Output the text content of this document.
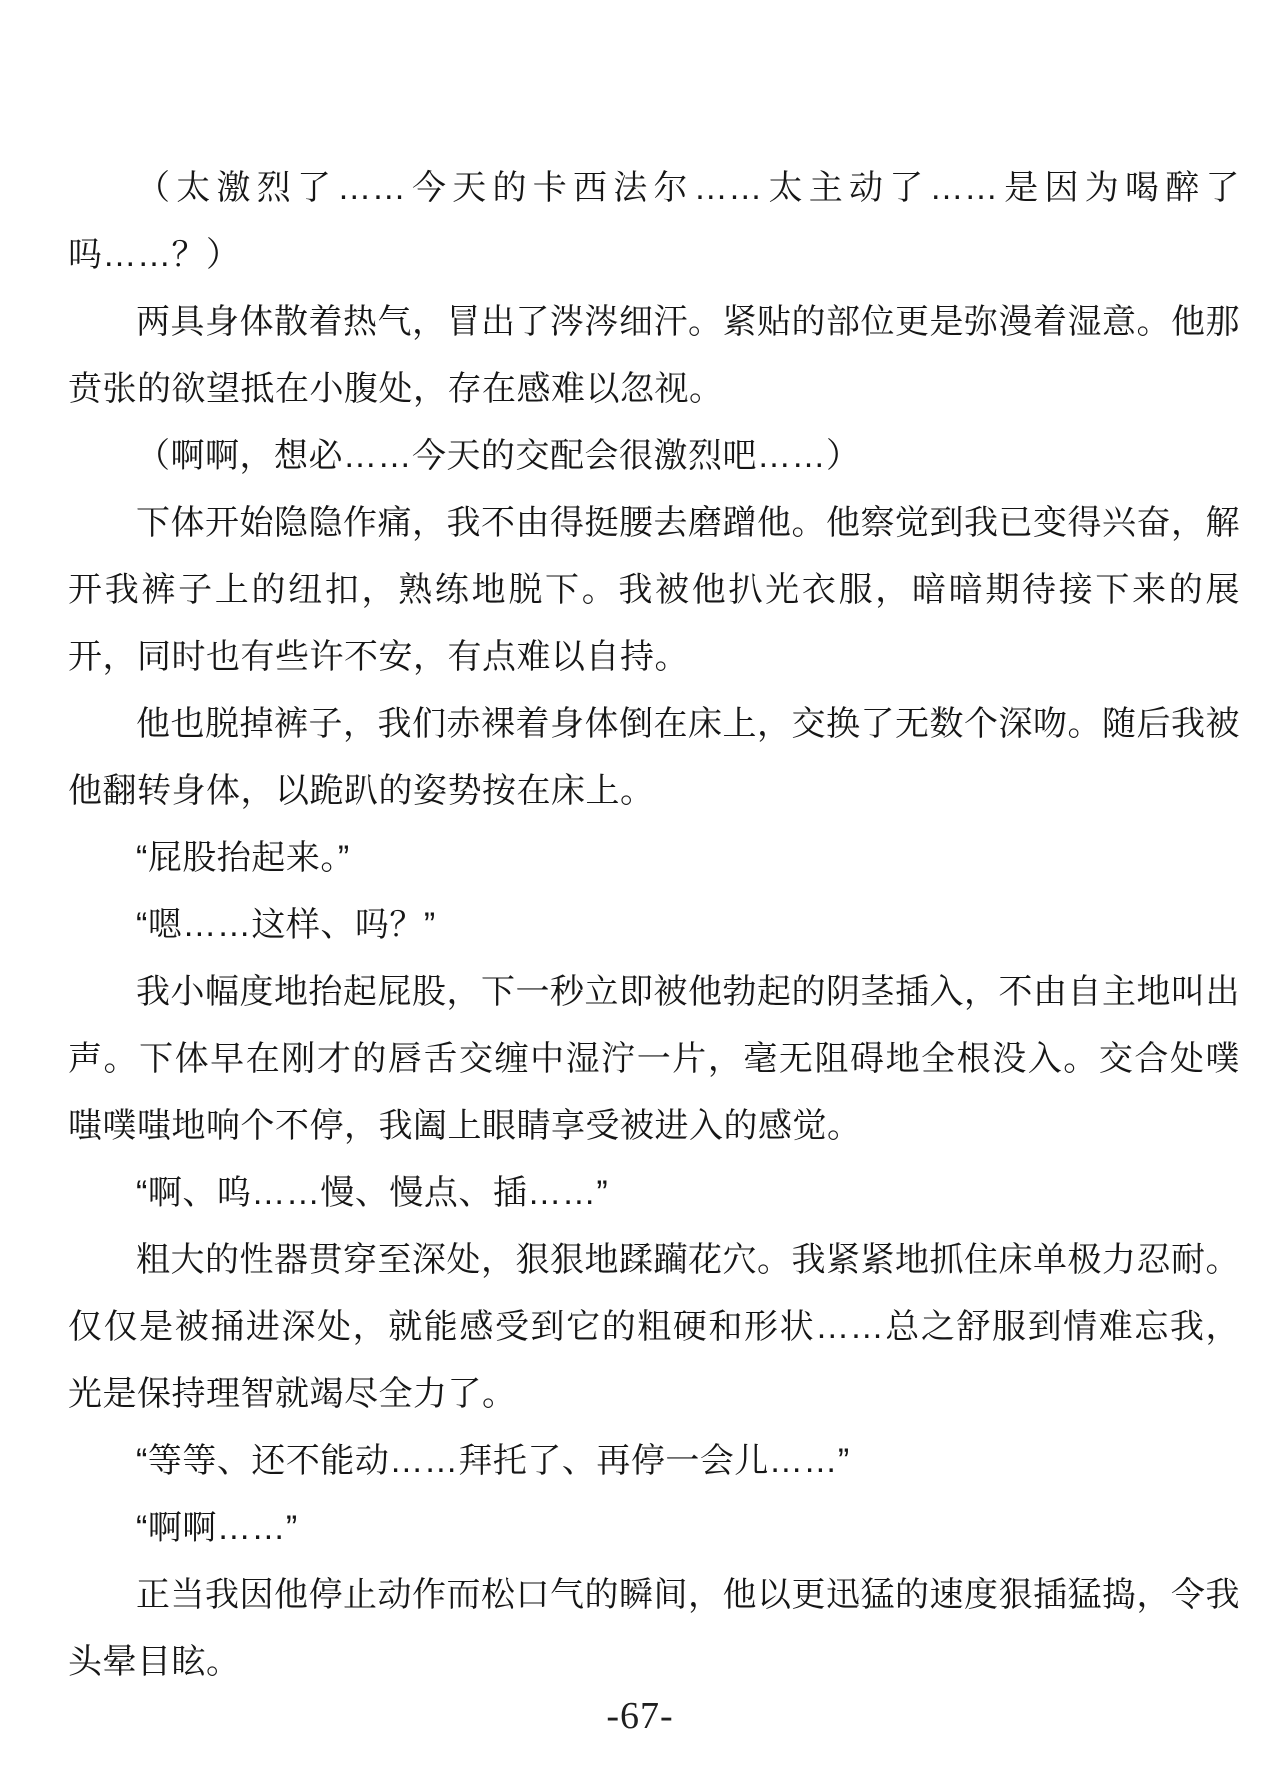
（太激烈了……今天的卡西法尔……太主动了……是因为喝醉了吗……？）

两具身体散着热气，冒出了涔涔细汗。紧贴的部位更是弥漫着湿意。他那贲张的欲望抵在小腹处，存在感难以忽视。

（啊啊，想必……今天的交配会很激烈吧……）

下体开始隐隐作痛，我不由得挺腰去磨蹭他。他察觉到我已变得兴奋，解开我裤子上的纽扣，熟练地脱下。我被他扒光衣服，暗暗期待接下来的展开，同时也有些许不安，有点难以自持。

他也脱掉裤子，我们赤裸着身体倒在床上，交换了无数个深吻。随后我被他翻转身体，以跪趴的姿势按在床上。

“屁股抬起来。”

“嗯……这样、吗？”

我小幅度地抬起屁股，下一秒立即被他勃起的阴茎插入，不由自主地叫出声。下体早在刚才的唇舌交缠中湿泞一片，毫无阻碍地全根没入。交合处噗嗤噗嗤地响个不停，我阖上眼睛享受被进入的感觉。

“啊、呜……慢、慢点、插……”

粗大的性器贯穿至深处，狠狠地蹂躏花穴。我紧紧地抓住床单极力忍耐。仅仅是被捅进深处，就能感受到它的粗硬和形状……总之舒服到情难忘我，光是保持理智就竭尽全力了。

“等等、还不能动……拜托了、再停一会儿……”

“啊啊……”

正当我因他停止动作而松口气的瞬间，他以更迅猛的速度狠插猛捣，令我头晕目眩。

-67-
